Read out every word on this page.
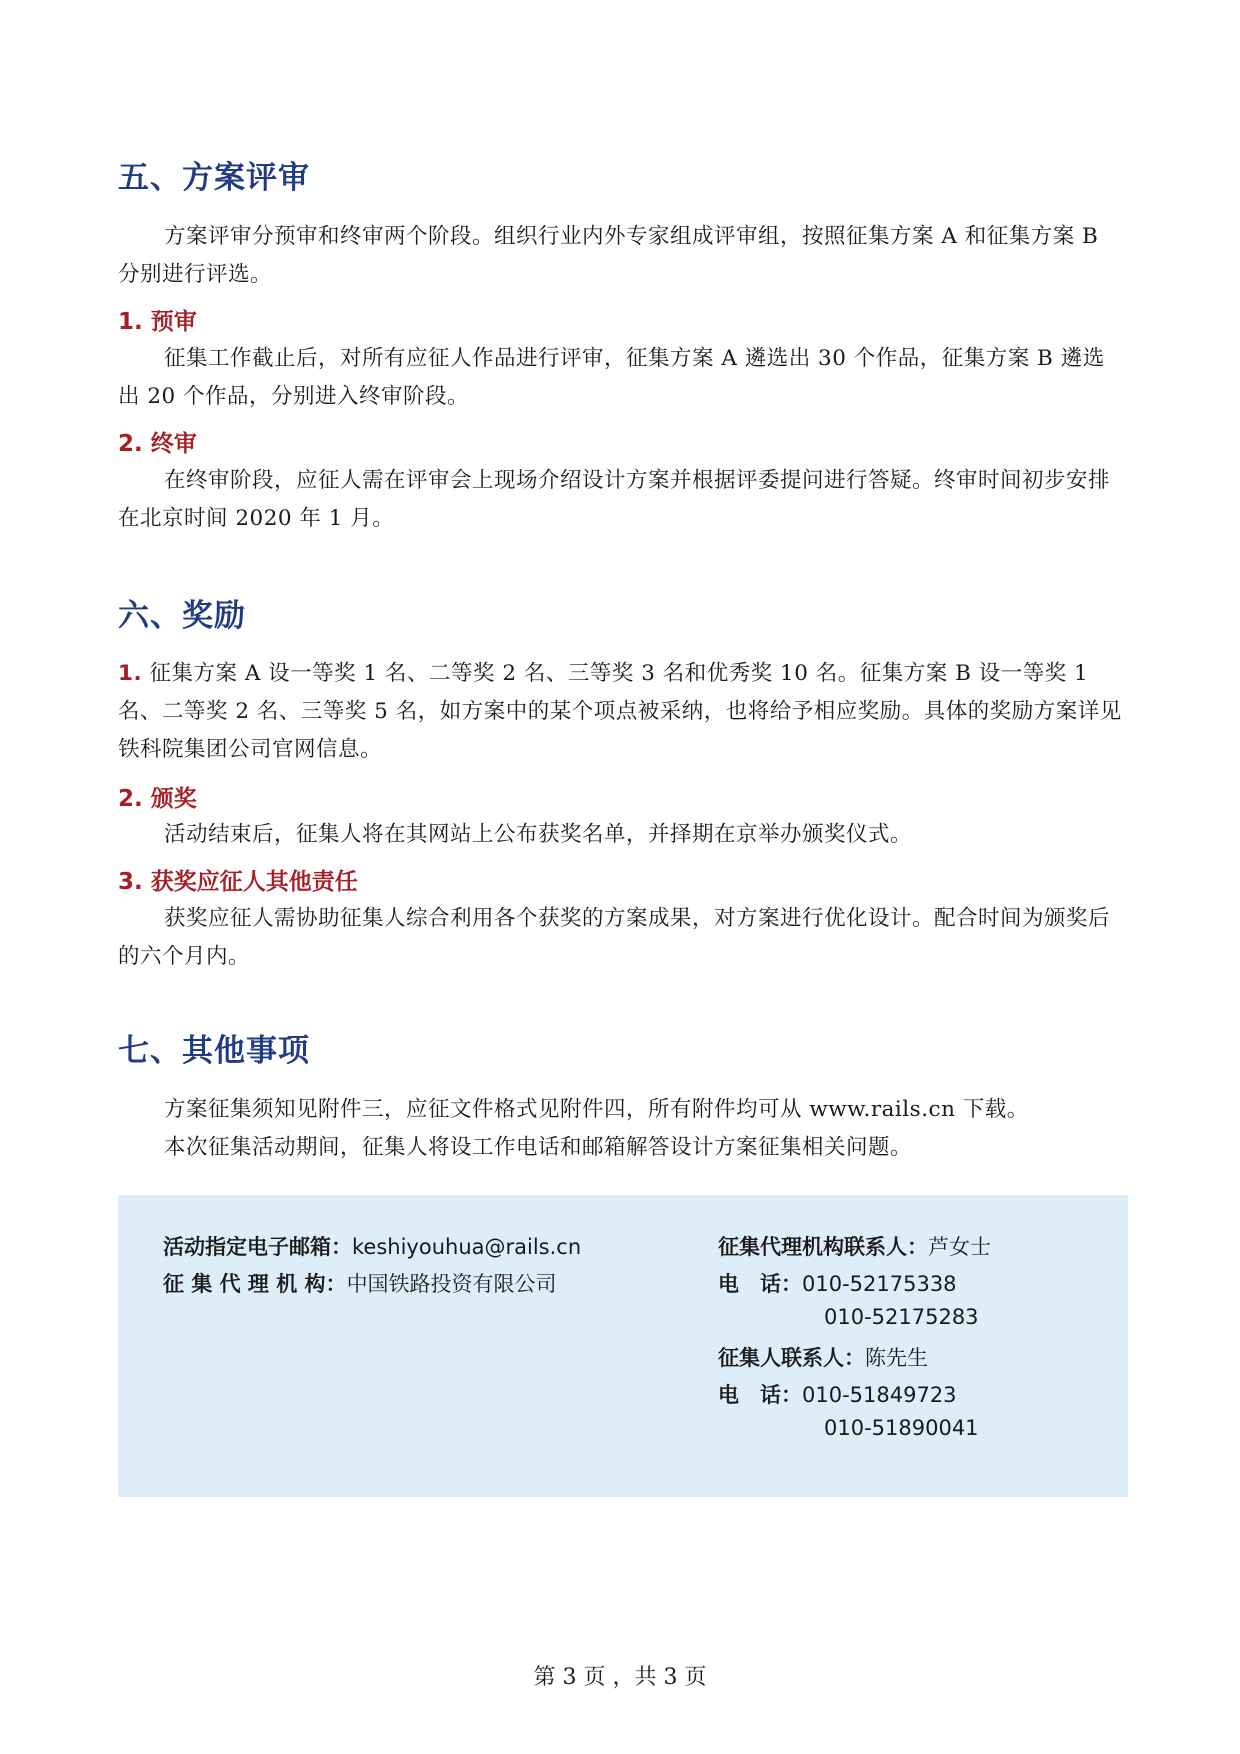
五、方案评审
方案评审分预审和终审两个阶段。组织行业内外专家组成评审组，按照征集方案 A 和征集方案 B 分别进行评选。
1. 预审
征集工作截止后，对所有应征人作品进行评审，征集方案 A 遴选出 30 个作品，征集方案 B 遴选出 20 个作品，分别进入终审阶段。
2. 终审
在终审阶段，应征人需在评审会上现场介绍设计方案并根据评委提问进行答疑。终审时间初步安排在北京时间 2020 年 1 月。
六、奖励
1. 征集方案 A 设一等奖 1 名、二等奖 2 名、三等奖 3 名和优秀奖 10 名。征集方案 B 设一等奖 1 名、二等奖 2 名、三等奖 5 名，如方案中的某个项点被采纳，也将给予相应奖励。具体的奖励方案详见铁科院集团公司官网信息。
2. 颁奖
活动结束后，征集人将在其网站上公布获奖名单，并择期在京举办颁奖仪式。
3. 获奖应征人其他责任
获奖应征人需协助征集人综合利用各个获奖的方案成果，对方案进行优化设计。配合时间为颁奖后的六个月内。
七、其他事项
方案征集须知见附件三，应征文件格式见附件四，所有附件均可从 www.rails.cn 下载。
本次征集活动期间，征集人将设工作电话和邮箱解答设计方案征集相关问题。
活动指定电子邮箱：keshiyouhua@rails.cn
征 集 代 理 机 构：中国铁路投资有限公司
征集代理机构联系人：芦女士
电　话：010-52175338
010-52175283
征集人联系人：陈先生
电　话：010-51849723
010-51890041
第 3 页 ，共 3 页
